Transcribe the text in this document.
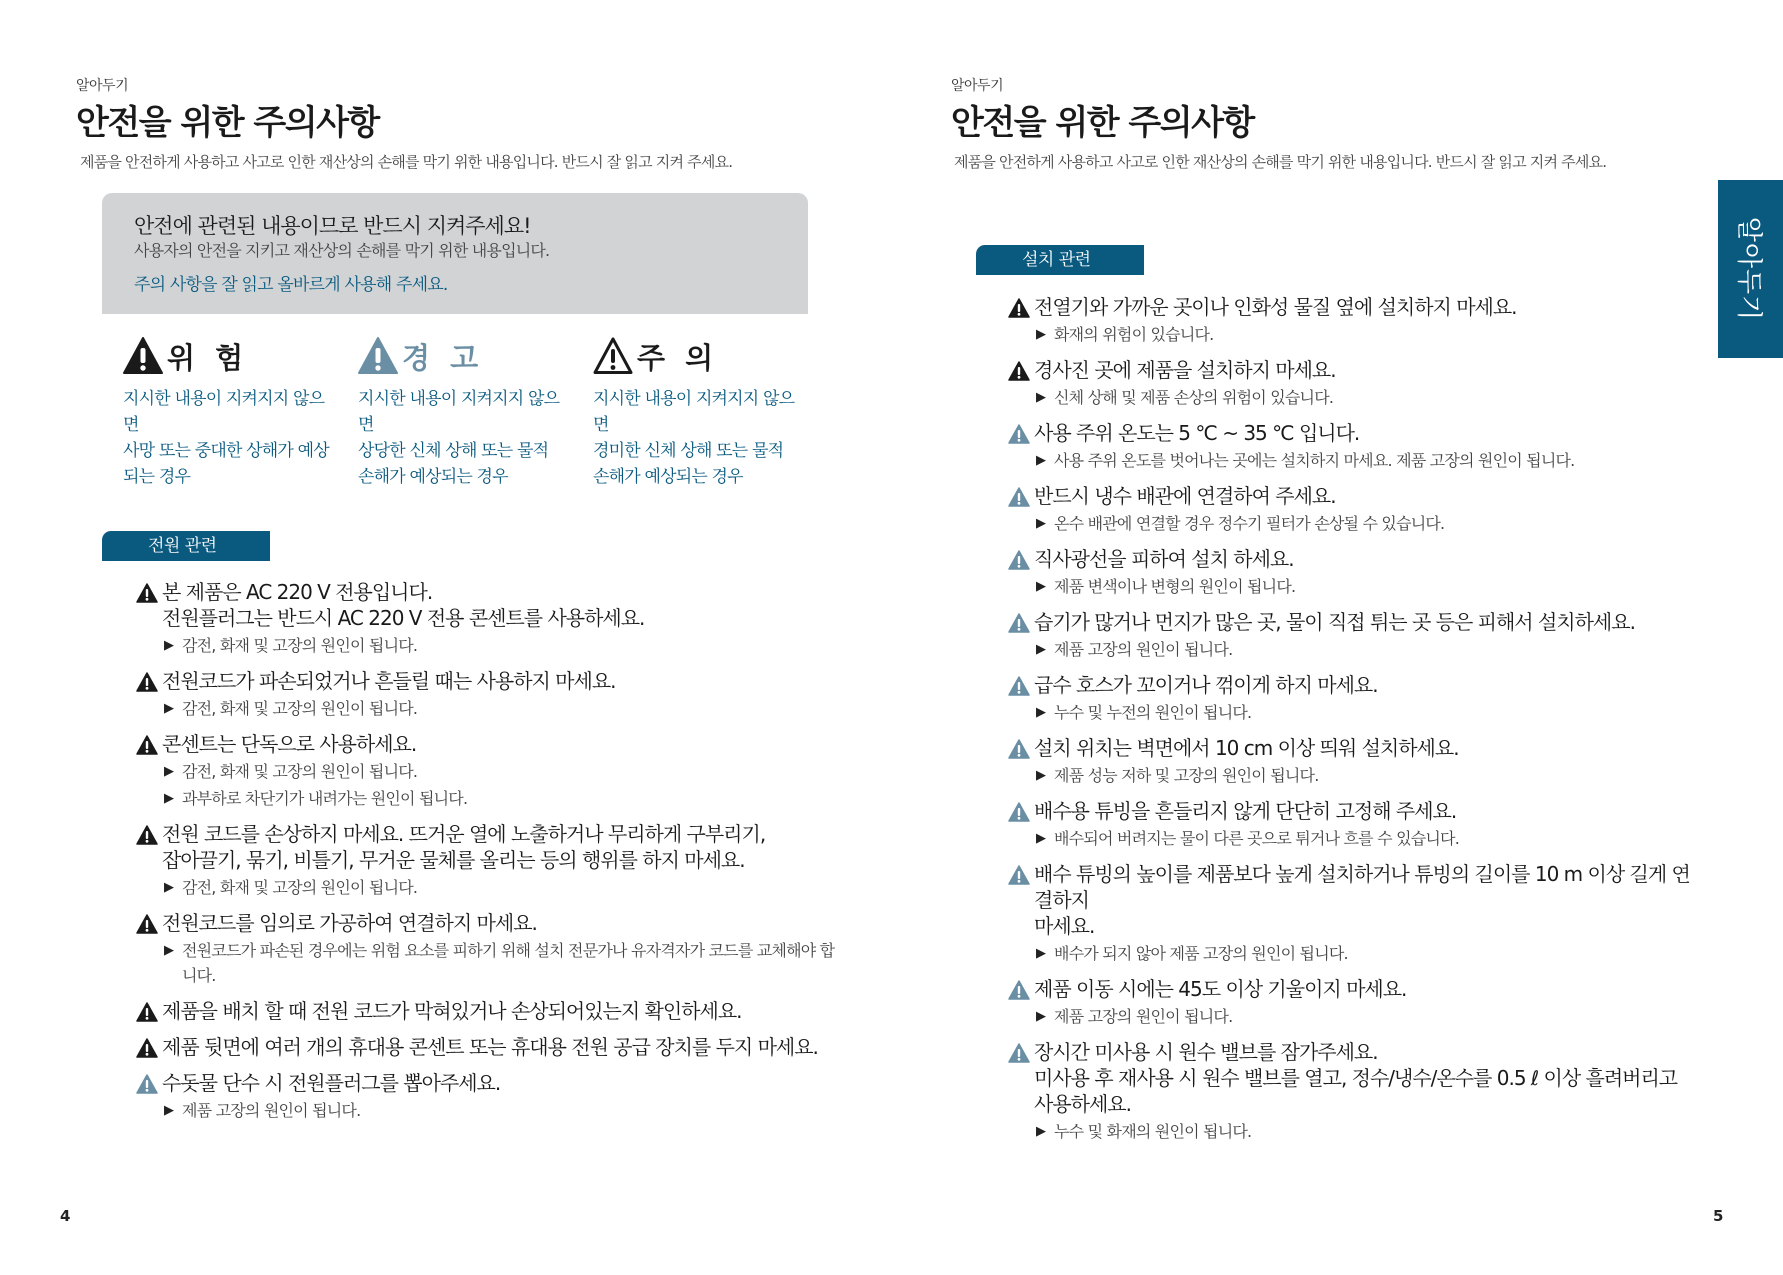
알아두기
안전을 위한 주의사항
제품을 안전하게 사용하고 사고로 인한 재산상의 손해를 막기 위한 내용입니다. 반드시 잘 읽고 지켜 주세요.
안전에 관련된 내용이므로 반드시 지켜주세요!
사용자의 안전을 지키고 재산상의 손해를 막기 위한 내용입니다.
주의 사항을 잘 읽고 올바르게 사용해 주세요.
위 험
지시한 내용이 지켜지지 않으면
사망 또는 중대한 상해가 예상
되는 경우
경 고
지시한 내용이 지켜지지 않으면
상당한 신체 상해 또는 물적
손해가 예상되는 경우
주 의
지시한 내용이 지켜지지 않으면
경미한 신체 상해 또는 물적
손해가 예상되는 경우
전원 관련
본 제품은 AC 220 V 전용입니다.
전원플러그는 반드시 AC 220 V 전용 콘센트를 사용하세요.
▶ 감전, 화재 및 고장의 원인이 됩니다.
전원코드가 파손되었거나 흔들릴 때는 사용하지 마세요.
▶ 감전, 화재 및 고장의 원인이 됩니다.
콘센트는 단독으로 사용하세요.
▶ 감전, 화재 및 고장의 원인이 됩니다.
▶ 과부하로 차단기가 내려가는 원인이 됩니다.
전원 코드를 손상하지 마세요. 뜨거운 열에 노출하거나 무리하게 구부리기,
잡아끌기, 묶기, 비틀기, 무거운 물체를 올리는 등의 행위를 하지 마세요.
▶ 감전, 화재 및 고장의 원인이 됩니다.
전원코드를 임의로 가공하여 연결하지 마세요.
▶ 전원코드가 파손된 경우에는 위험 요소를 피하기 위해 설치 전문가나 유자격자가 코드를 교체해야 합니다.
제품을 배치 할 때 전원 코드가 막혀있거나 손상되어있는지 확인하세요.
제품 뒷면에 여러 개의 휴대용 콘센트 또는 휴대용 전원 공급 장치를 두지 마세요.
수돗물 단수 시 전원플러그를 뽑아주세요.
▶ 제품 고장의 원인이 됩니다.
4
알아두기
안전을 위한 주의사항
제품을 안전하게 사용하고 사고로 인한 재산상의 손해를 막기 위한 내용입니다. 반드시 잘 읽고 지켜 주세요.
설치 관련
전열기와 가까운 곳이나 인화성 물질 옆에 설치하지 마세요.
▶ 화재의 위험이 있습니다.
경사진 곳에 제품을 설치하지 마세요.
▶ 신체 상해 및 제품 손상의 위험이 있습니다.
사용 주위 온도는 5 ℃ ~ 35 ℃ 입니다.
▶ 사용 주위 온도를 벗어나는 곳에는 설치하지 마세요. 제품 고장의 원인이 됩니다.
반드시 냉수 배관에 연결하여 주세요.
▶ 온수 배관에 연결할 경우 정수기 필터가 손상될 수 있습니다.
직사광선을 피하여 설치 하세요.
▶ 제품 변색이나 변형의 원인이 됩니다.
습기가 많거나 먼지가 많은 곳, 물이 직접 튀는 곳 등은 피해서 설치하세요.
▶ 제품 고장의 원인이 됩니다.
급수 호스가 꼬이거나 꺾이게 하지 마세요.
▶ 누수 및 누전의 원인이 됩니다.
설치 위치는 벽면에서 10 cm 이상 띄워 설치하세요.
▶ 제품 성능 저하 및 고장의 원인이 됩니다.
배수용 튜빙을 흔들리지 않게 단단히 고정해 주세요.
▶ 배수되어 버려지는 물이 다른 곳으로 튀거나 흐를 수 있습니다.
배수 튜빙의 높이를 제품보다 높게 설치하거나 튜빙의 길이를 10 m 이상 길게 연결하지
마세요.
▶ 배수가 되지 않아 제품 고장의 원인이 됩니다.
제품 이동 시에는 45도 이상 기울이지 마세요.
▶ 제품 고장의 원인이 됩니다.
장시간 미사용 시 원수 밸브를 잠가주세요.
미사용 후 재사용 시 원수 밸브를 열고, 정수/냉수/온수를 0.5 ℓ 이상 흘려버리고
사용하세요.
▶ 누수 및 화재의 원인이 됩니다.
5
알아두기
